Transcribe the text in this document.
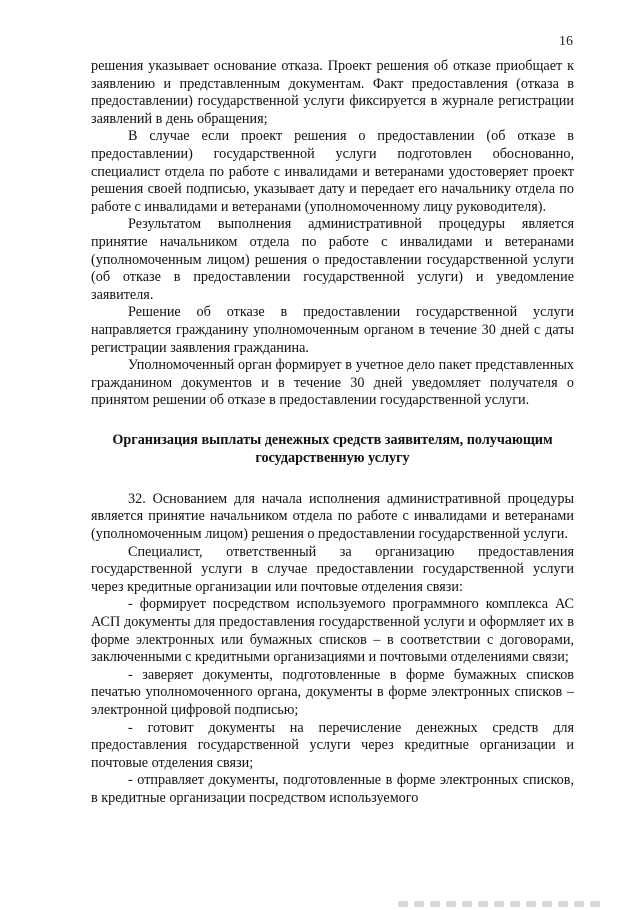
16

решения указывает основание отказа. Проект решения об отказе приобщает к заявлению и представленным документам. Факт предоставления (отказа в предоставлении) государственной услуги фиксируется в журнале регистрации заявлений в день обращения;

В случае если проект решения о предоставлении (об отказе в предоставлении) государственной услуги подготовлен обоснованно, специалист отдела по работе с инвалидами и ветеранами удостоверяет проект решения своей подписью, указывает дату и передает его начальнику отдела по работе с инвалидами и ветеранами (уполномоченному лицу руководителя).

Результатом выполнения административной процедуры является принятие начальником отдела по работе с инвалидами и ветеранами (уполномоченным лицом) решения о предоставлении государственной услуги (об отказе в предоставлении государственной услуги) и уведомление заявителя.

Решение об отказе в предоставлении государственной услуги направляется гражданину уполномоченным органом в течение 30 дней с даты регистрации заявления гражданина.

Уполномоченный орган формирует в учетное дело пакет представленных гражданином документов и в течение 30 дней уведомляет получателя о принятом решении об отказе в предоставлении государственной услуги.

Организация выплаты денежных средств заявителям, получающим государственную услугу

32. Основанием для начала исполнения административной процедуры является принятие начальником отдела по работе с инвалидами и ветеранами (уполномоченным лицом) решения о предоставлении государственной услуги.

Специалист, ответственный за организацию предоставления государственной услуги в случае предоставлении государственной услуги через кредитные организации или почтовые отделения связи:

- формирует посредством используемого программного комплекса АС АСП документы для предоставления государственной услуги и оформляет их в форме электронных или бумажных списков – в соответствии с договорами, заключенными с кредитными организациями и почтовыми отделениями связи;

- заверяет документы, подготовленные в форме бумажных списков печатью уполномоченного органа, документы в форме электронных списков – электронной цифровой подписью;

- готовит документы на перечисление денежных средств для предоставления государственной услуги через кредитные организации и почтовые отделения связи;

- отправляет документы, подготовленные в форме электронных списков, в кредитные организации посредством используемого
